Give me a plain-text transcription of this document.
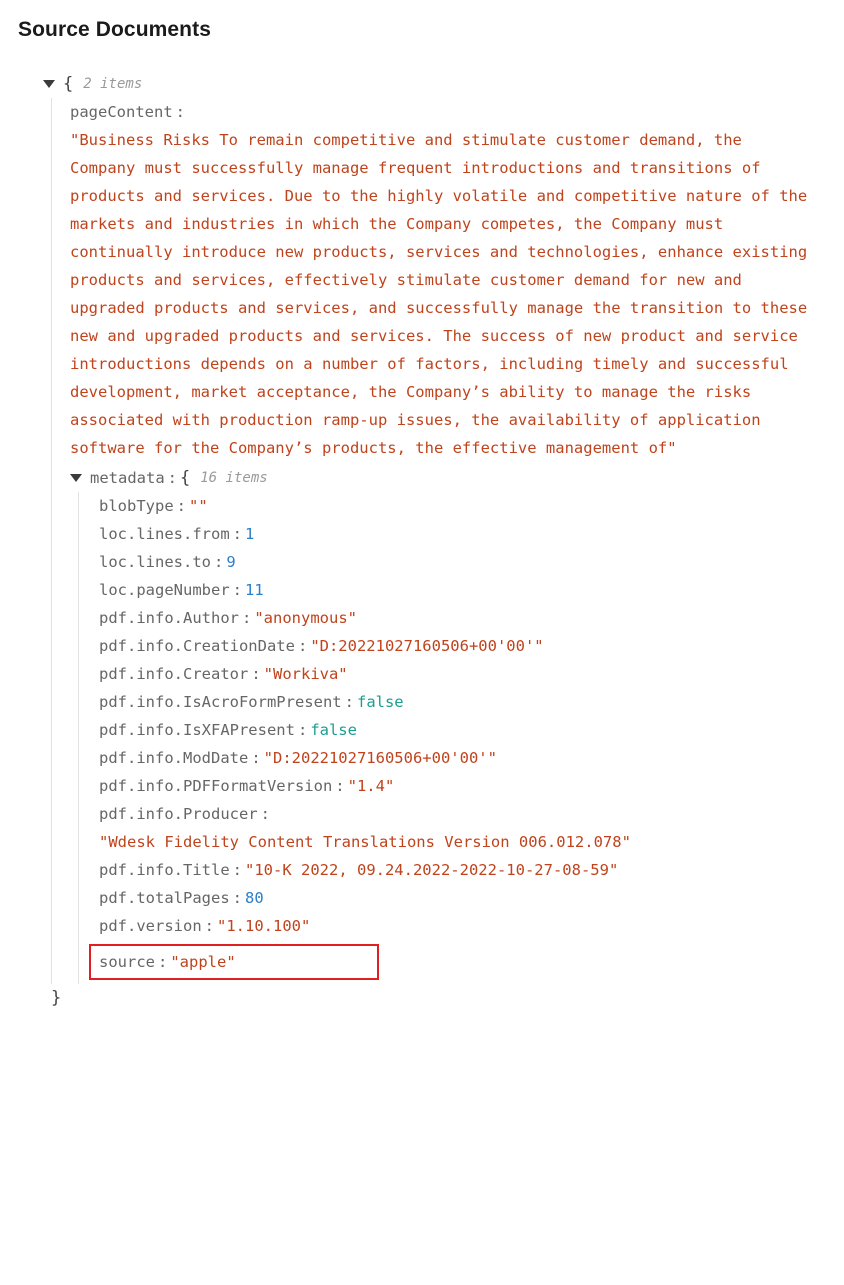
Source Documents
{ 2 items
pageContent :
"Business Risks To remain competitive and stimulate customer demand, the Company must successfully manage frequent introductions and transitions of products and services. Due to the highly volatile and competitive nature of the markets and industries in which the Company competes, the Company must continually introduce new products, services and technologies, enhance existing products and services, effectively stimulate customer demand for new and upgraded products and services, and successfully manage the transition to these new and upgraded products and services. The success of new product and service introductions depends on a number of factors, including timely and successful development, market acceptance, the Company’s ability to manage the risks associated with production ramp-up issues, the availability of application software for the Company’s products, the effective management of"
metadata : { 16 items
blobType : ""
loc.lines.from : 1
loc.lines.to : 9
loc.pageNumber : 11
pdf.info.Author : "anonymous"
pdf.info.CreationDate : "D:20221027160506+00'00'"
pdf.info.Creator : "Workiva"
pdf.info.IsAcroFormPresent : false
pdf.info.IsXFAPresent : false
pdf.info.ModDate : "D:20221027160506+00'00'"
pdf.info.PDFFormatVersion : "1.4"
pdf.info.Producer :
"Wdesk Fidelity Content Translations Version 006.012.078"
pdf.info.Title : "10-K 2022, 09.24.2022-2022-10-27-08-59"
pdf.totalPages : 80
pdf.version : "1.10.100"
source : "apple"
}
